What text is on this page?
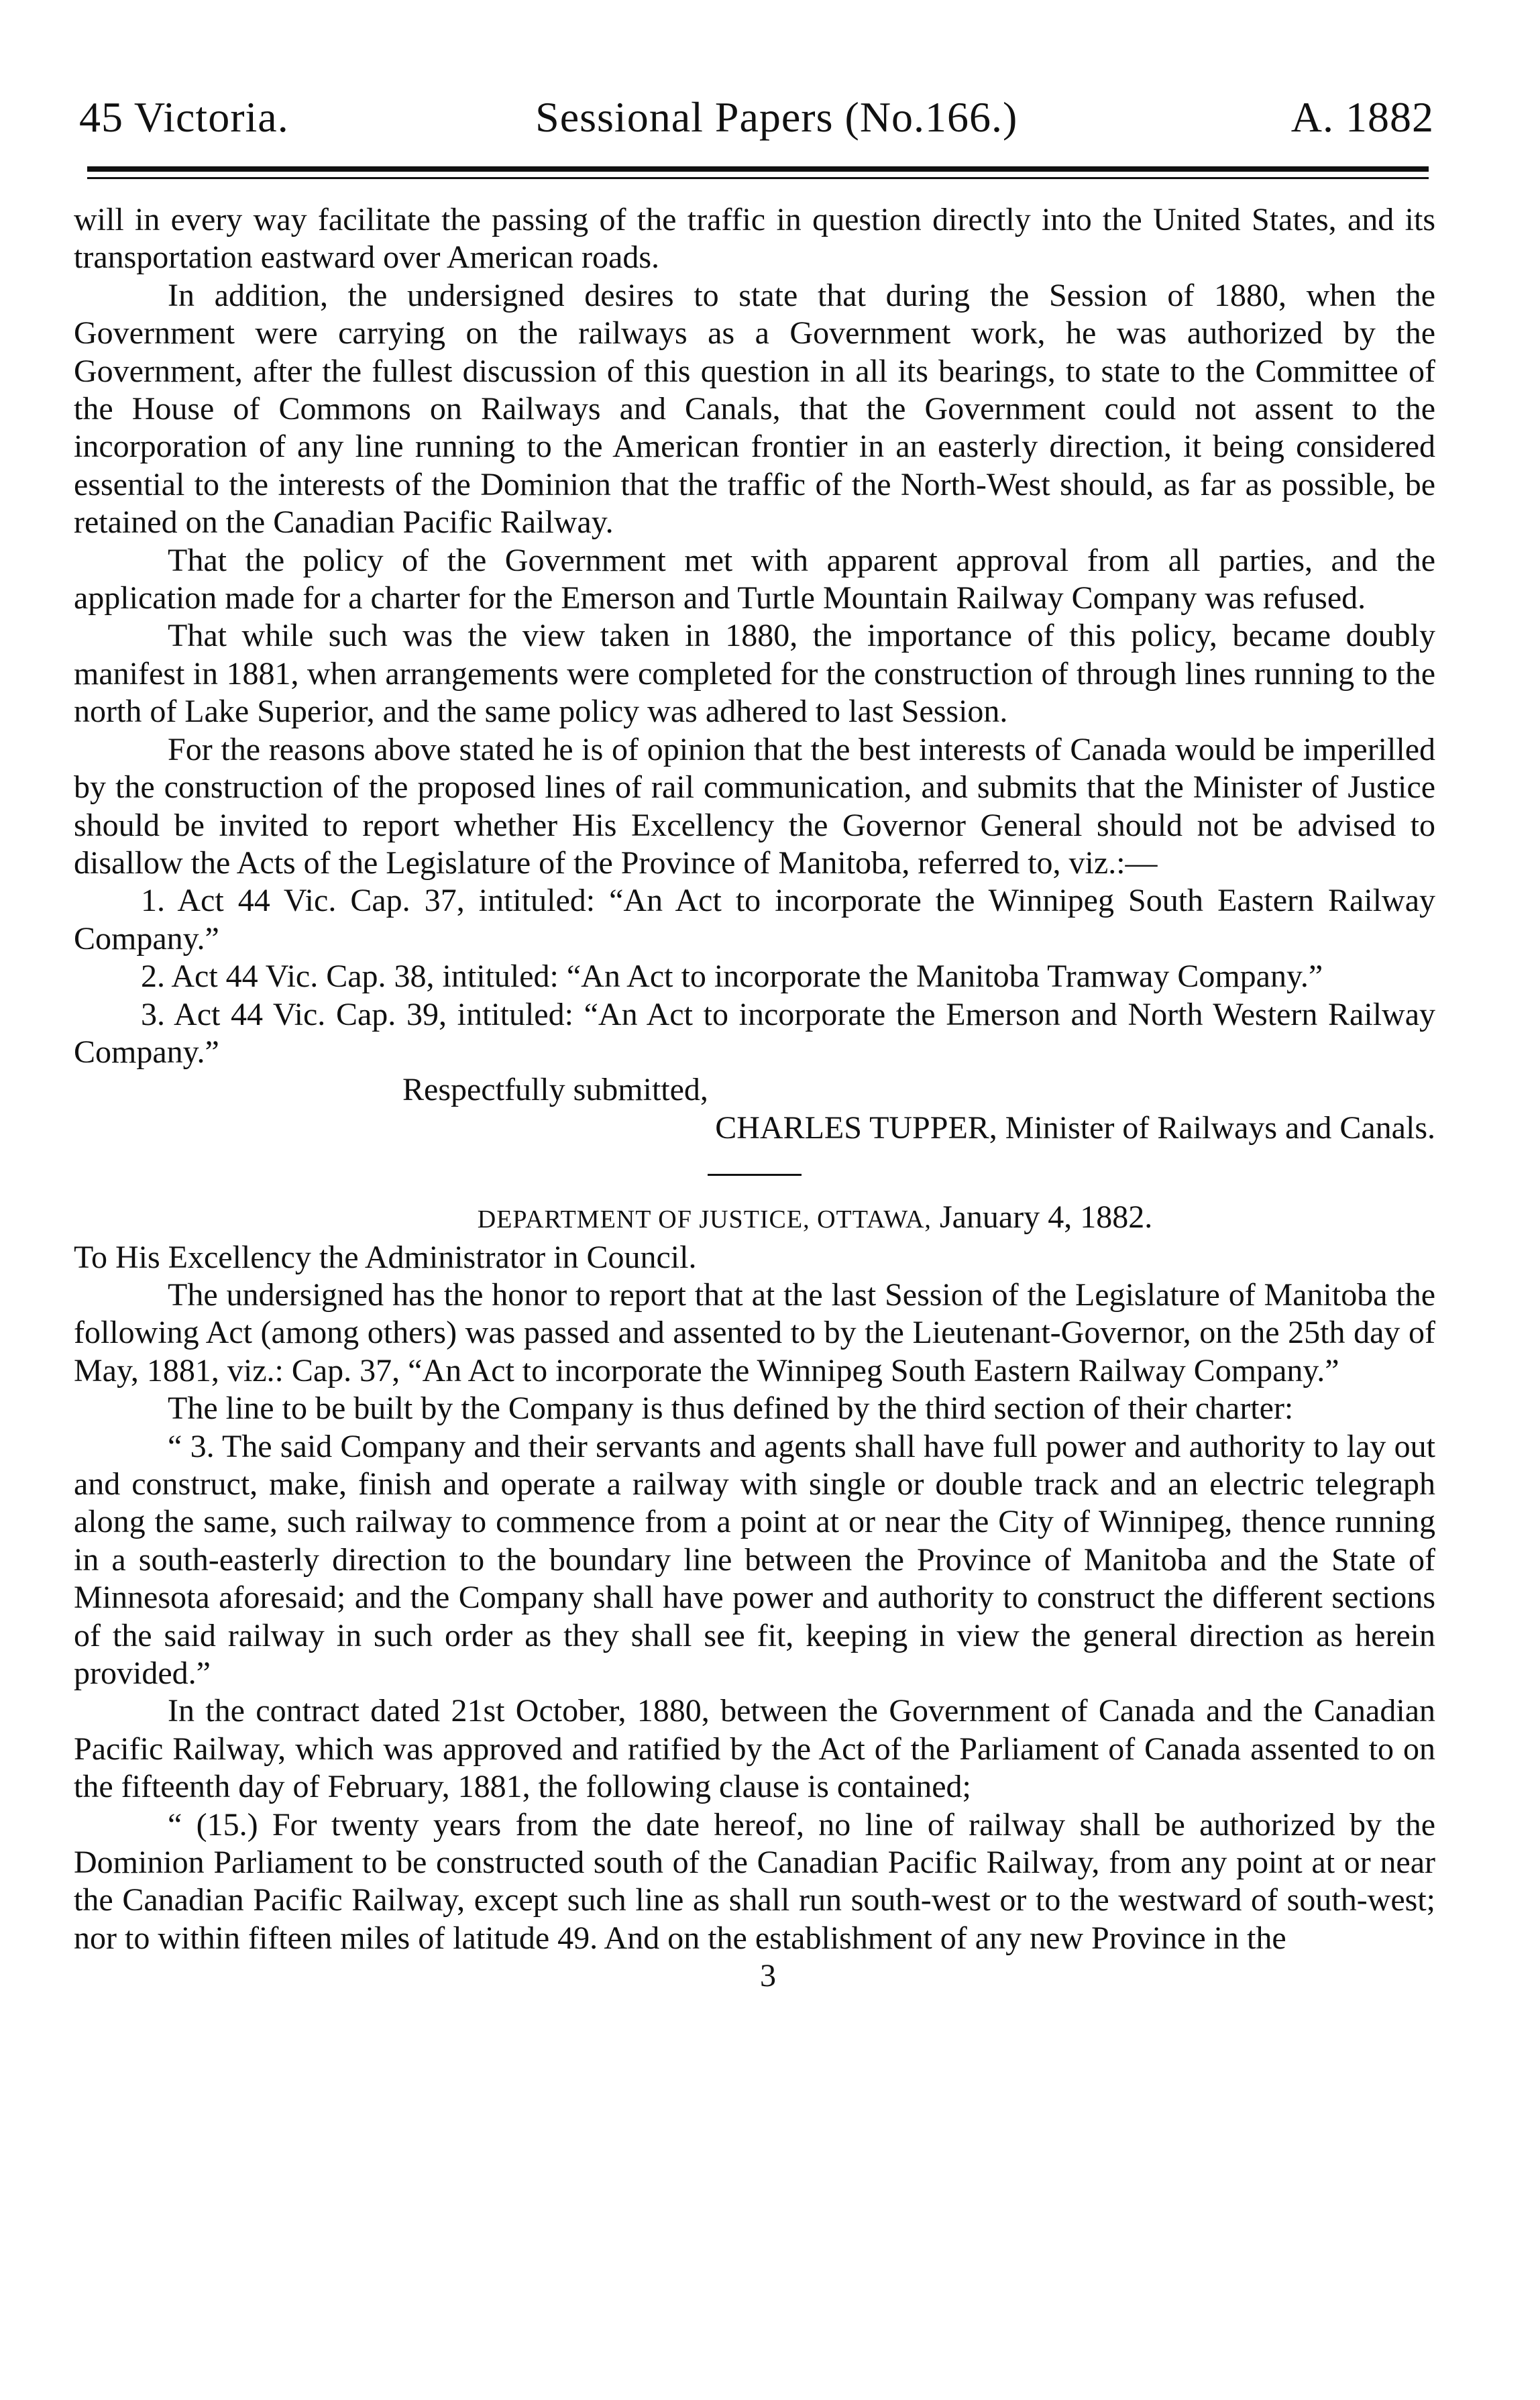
45 Victoria.	Sessional Papers (No.166.)	A. 1882

will in every way facilitate the passing of the traffic in question directly into the United States, and its transportation eastward over American roads.

In addition, the undersigned desires to state that during the Session of 1880, when the Government were carrying on the railways as a Government work, he was authorized by the Government, after the fullest discussion of this question in all its bearings, to state to the Committee of the House of Commons on Railways and Canals, that the Government could not assent to the incorporation of any line running to the American frontier in an easterly direction, it being considered essential to the interests of the Dominion that the traffic of the North-West should, as far as possible, be retained on the Canadian Pacific Railway.

That the policy of the Government met with apparent approval from all parties, and the application made for a charter for the Emerson and Turtle Mountain Railway Company was refused.

That while such was the view taken in 1880, the importance of this policy, became doubly manifest in 1881, when arrangements were completed for the construction of through lines running to the north of Lake Superior, and the same policy was adhered to last Session.

For the reasons above stated he is of opinion that the best interests of Canada would be imperilled by the construction of the proposed lines of rail communication, and submits that the Minister of Justice should be invited to report whether His Excellency the Governor General should not be advised to disallow the Acts of the Legislature of the Province of Manitoba, referred to, viz.:—

1. Act 44 Vic. Cap. 37, intituled: “An Act to incorporate the Winnipeg South Eastern Railway Company.”

2. Act 44 Vic. Cap. 38, intituled: “An Act to incorporate the Manitoba Tramway Company.”

3. Act 44 Vic. Cap. 39, intituled: “An Act to incorporate the Emerson and North Western Railway Company.”

Respectfully submitted,

CHARLES TUPPER, Minister of Railways and Canals.

DEPARTMENT OF JUSTICE, OTTAWA, January 4, 1882.

To His Excellency the Administrator in Council.

The undersigned has the honor to report that at the last Session of the Legislature of Manitoba the following Act (among others) was passed and assented to by the Lieutenant-Governor, on the 25th day of May, 1881, viz.: Cap. 37, “An Act to incorporate the Winnipeg South Eastern Railway Company.”

The line to be built by the Company is thus defined by the third section of their charter:

“ 3. The said Company and their servants and agents shall have full power and authority to lay out and construct, make, finish and operate a railway with single or double track and an electric telegraph along the same, such railway to commence from a point at or near the City of Winnipeg, thence running in a south-easterly direction to the boundary line between the Province of Manitoba and the State of Minnesota aforesaid; and the Company shall have power and authority to construct the different sections of the said railway in such order as they shall see fit, keeping in view the general direction as herein provided.”

In the contract dated 21st October, 1880, between the Government of Canada and the Canadian Pacific Railway, which was approved and ratified by the Act of the Parliament of Canada assented to on the fifteenth day of February, 1881, the following clause is contained;

“ (15.) For twenty years from the date hereof, no line of railway shall be authorized by the Dominion Parliament to be constructed south of the Canadian Pacific Railway, from any point at or near the Canadian Pacific Railway, except such line as shall run south-west or to the westward of south-west; nor to within fifteen miles of latitude 49. And on the establishment of any new Province in the

3
